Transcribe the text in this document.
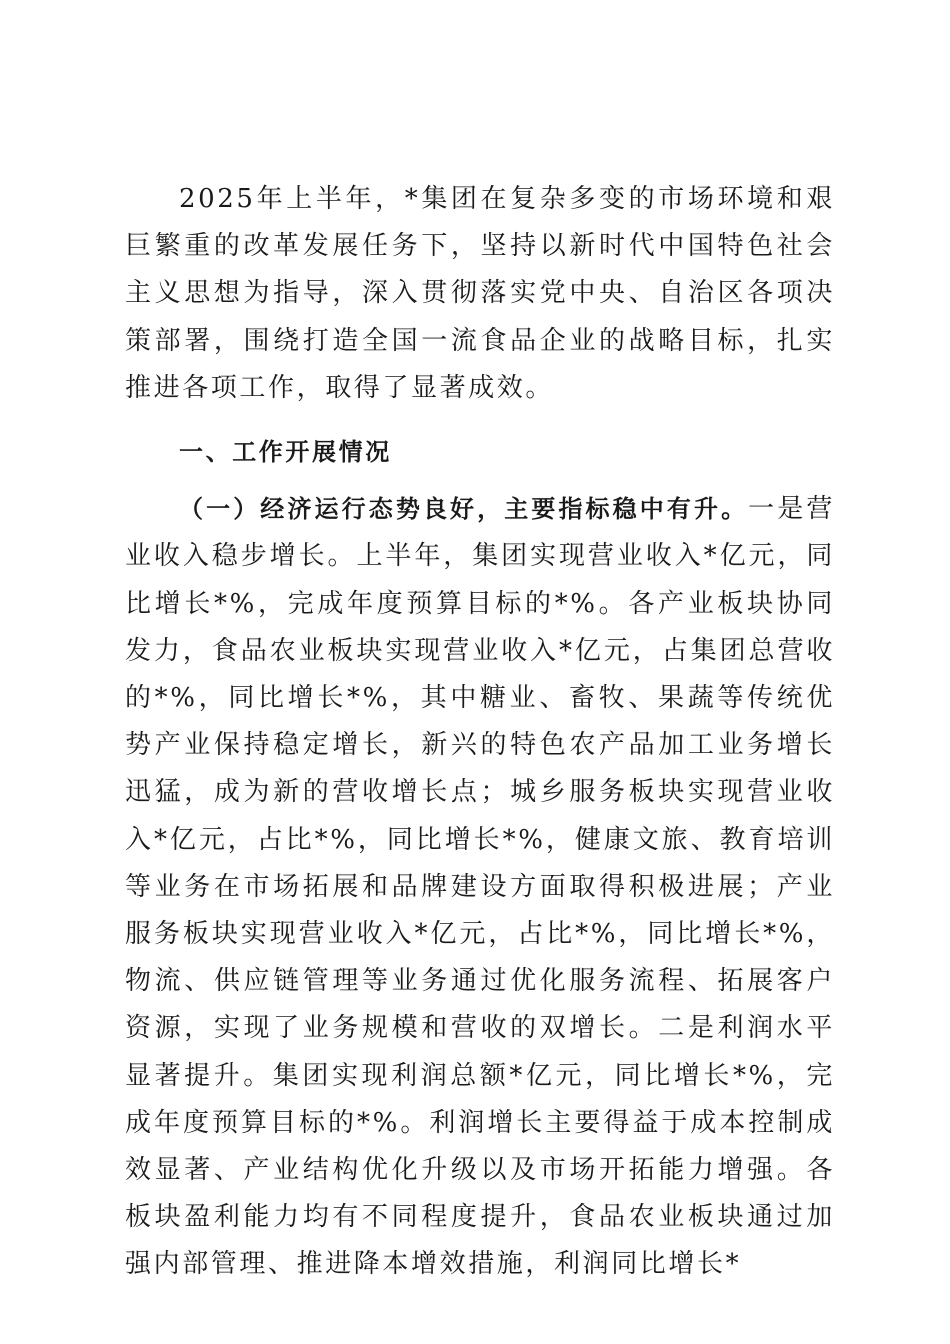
2025年上半年，*集团在复杂多变的市场环境和艰巨繁重的改革发展任务下，坚持以新时代中国特色社会主义思想为指导，深入贯彻落实党中央、自治区各项决策部署，围绕打造全国一流食品企业的战略目标，扎实推进各项工作，取得了显著成效。

一、工作开展情况

（一）经济运行态势良好，主要指标稳中有升。一是营业收入稳步增长。上半年，集团实现营业收入*亿元，同比增长*%，完成年度预算目标的*%。各产业板块协同发力，食品农业板块实现营业收入*亿元，占集团总营收的*%，同比增长*%，其中糖业、畜牧、果蔬等传统优势产业保持稳定增长，新兴的特色农产品加工业务增长迅猛，成为新的营收增长点；城乡服务板块实现营业收入*亿元，占比*%，同比增长*%，健康文旅、教育培训等业务在市场拓展和品牌建设方面取得积极进展；产业服务板块实现营业收入*亿元，占比*%，同比增长*%，物流、供应链管理等业务通过优化服务流程、拓展客户资源，实现了业务规模和营收的双增长。二是利润水平显著提升。集团实现利润总额*亿元，同比增长*%，完成年度预算目标的*%。利润增长主要得益于成本控制成效显著、产业结构优化升级以及市场开拓能力增强。各板块盈利能力均有不同程度提升，食品农业板块通过加强内部管理、推进降本增效措施，利润同比增长*
